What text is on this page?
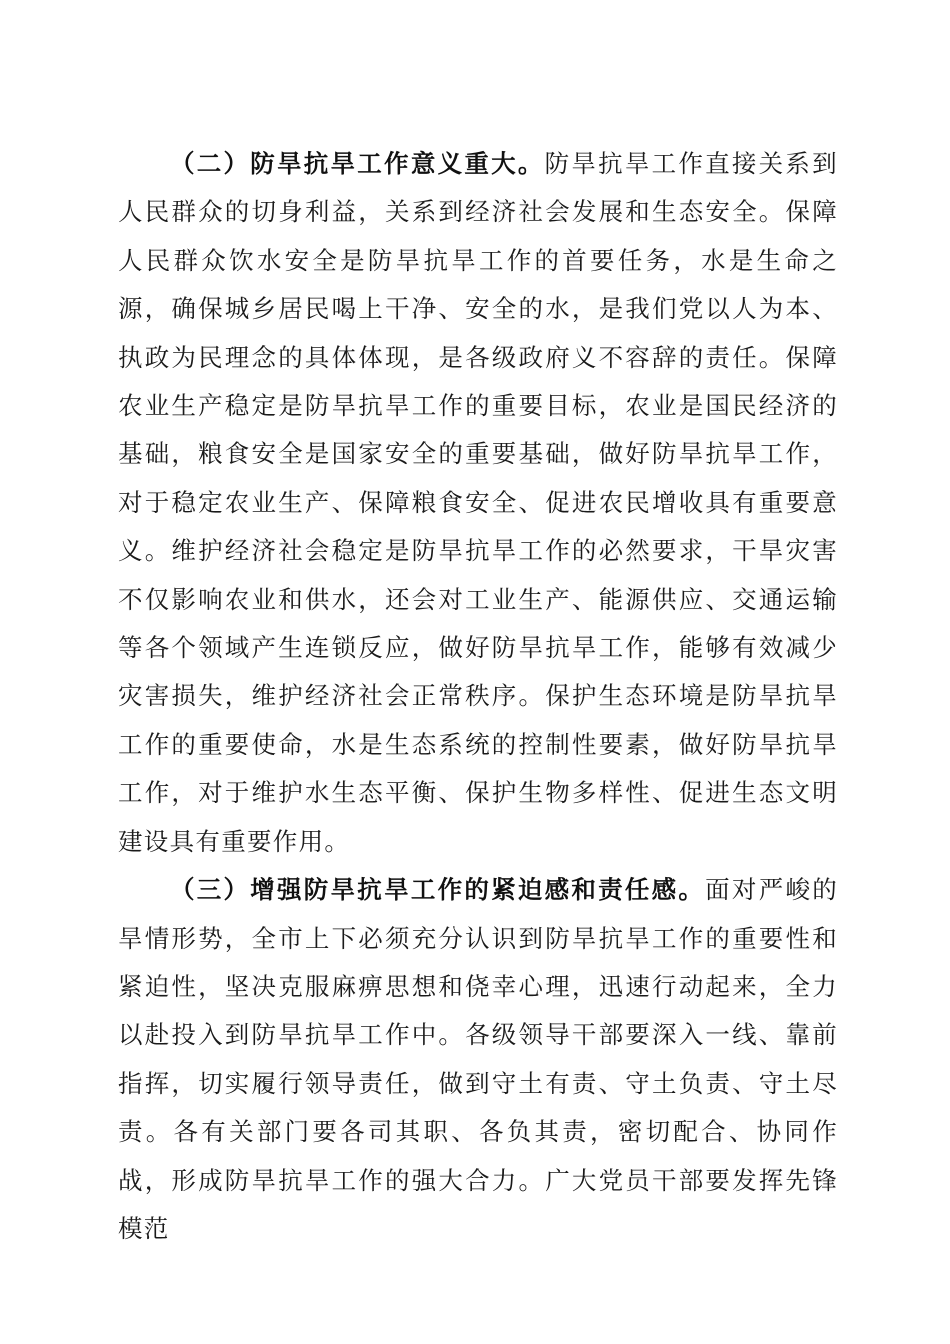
（二）防旱抗旱工作意义重大。防旱抗旱工作直接关系到人民群众的切身利益，关系到经济社会发展和生态安全。保障人民群众饮水安全是防旱抗旱工作的首要任务，水是生命之源，确保城乡居民喝上干净、安全的水，是我们党以人为本、执政为民理念的具体体现，是各级政府义不容辞的责任。保障农业生产稳定是防旱抗旱工作的重要目标，农业是国民经济的基础，粮食安全是国家安全的重要基础，做好防旱抗旱工作，对于稳定农业生产、保障粮食安全、促进农民增收具有重要意义。维护经济社会稳定是防旱抗旱工作的必然要求，干旱灾害不仅影响农业和供水，还会对工业生产、能源供应、交通运输等各个领域产生连锁反应，做好防旱抗旱工作，能够有效减少灾害损失，维护经济社会正常秩序。保护生态环境是防旱抗旱工作的重要使命，水是生态系统的控制性要素，做好防旱抗旱工作，对于维护水生态平衡、保护生物多样性、促进生态文明建设具有重要作用。

（三）增强防旱抗旱工作的紧迫感和责任感。面对严峻的旱情形势，全市上下必须充分认识到防旱抗旱工作的重要性和紧迫性，坚决克服麻痹思想和侥幸心理，迅速行动起来，全力以赴投入到防旱抗旱工作中。各级领导干部要深入一线、靠前指挥，切实履行领导责任，做到守土有责、守土负责、守土尽责。各有关部门要各司其职、各负其责，密切配合、协同作战，形成防旱抗旱工作的强大合力。广大党员干部要发挥先锋模范
